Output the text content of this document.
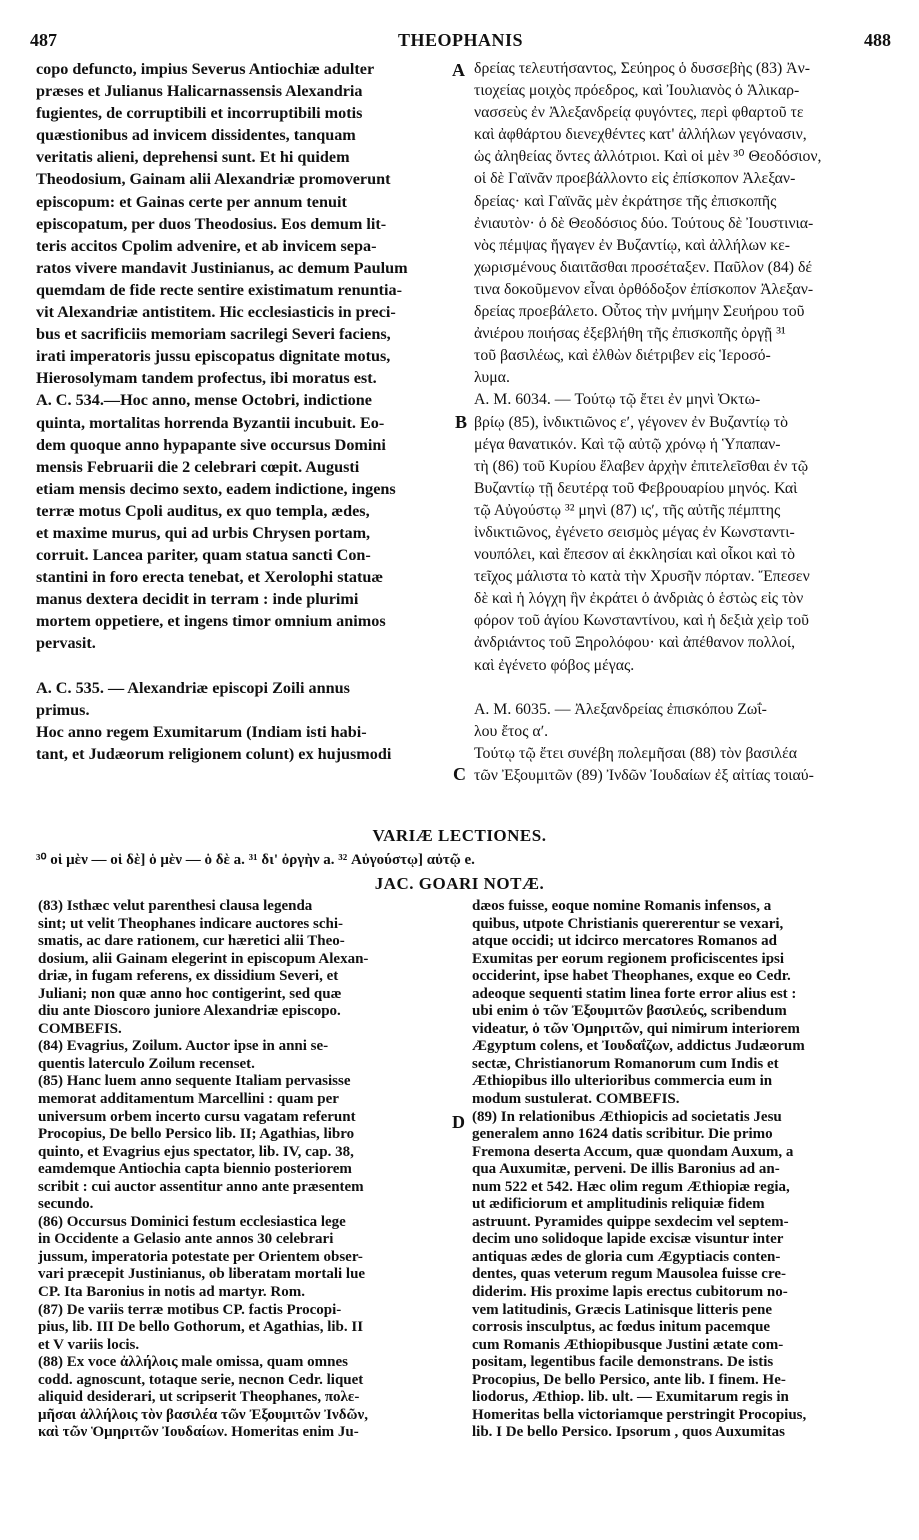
487	THEOPHANIS	488
copo defuncto, impius Severus Antiochiæ adulter
præses et Julianus Halicarnassensis Alexandria
fugientes, de corruptibili et incorruptibili motis
quæstionibus ad invicem dissidentes, tanquam
veritatis alieni, deprehensi sunt. Et hi quidem
Theodosium, Gainam alii Alexandriæ promoverunt
episcopum: et Gainas certe per annum tenuit
episcopatum, per duos Theodosius. Eos demum lit-
teris accitos Cpolim advenire, et ab invicem sepa-
ratos vivere mandavit Justinianus, ac demum Paulum
quemdam de fide recte sentire existimatum renuntia-
vit Alexandriæ antistitem. Hic ecclesiasticis in preci-
bus et sacrificiis memoriam sacrilegi Severi faciens,
irati imperatoris jussu episcopatus dignitate motus,
Hierosolymam tandem profectus, ibi moratus est.
A. C. 534.—Hoc anno, mense Octobri, indictione
quinta, mortalitas horrenda Byzantii incubuit. Eo-
dem quoque anno hypapante sive occursus Domini
mensis Februarii die 2 celebrari cœpit. Augusti
etiam mensis decimo sexto, eadem indictione, ingens
terræ motus Cpoli auditus, ex quo templa, ædes,
et maxime murus, qui ad urbis Chrysen portam,
corruit. Lancea pariter, quam statua sancti Con-
stantini in foro erecta tenebat, et Xerolophi statuæ
manus dextera decidit in terram : inde plurimi
mortem oppetiere, et ingens timor omnium animos
pervasit.

A. C. 535. — Alexandriæ episcopi Zoili annus
primus.
Hoc anno regem Exumitarum (Indiam isti habi-
tant, et Judæorum religionem colunt) ex hujusmodi
δρείας τελευτήσαντος, Σεύηρος ὁ δυσσεβὴς (83) Ἀν-
τιοχείας μοιχὸς πρόεδρος, καὶ Ἰουλιανὸς ὁ Ἁλικαρ-
νασσεὺς ἐν Ἀλεξανδρείᾳ φυγόντες, περὶ φθαρτοῦ τε
καὶ ἀφθάρτου διενεχθέντες κατ' ἀλλήλων γεγόνασιν,
ὡς ἀληθείας ὄντες ἀλλότριοι. Καὶ οἱ μὲν ³⁰ Θεοδόσιον,
οἱ δὲ Γαϊνᾶν προεβάλλοντο εἰς ἐπίσκοπον Ἀλεξαν-
δρείας· καὶ Γαϊνᾶς μὲν ἐκράτησε τῆς ἐπισκοπῆς
ἐνιαυτὸν· ὁ δὲ Θεοδόσιος δύο. Τούτους δὲ Ἰουστινια-
νὸς πέμψας ἤγαγεν ἐν Βυζαντίῳ, καὶ ἀλλήλων κε-
χωρισμένους διαιτᾶσθαι προσέταξεν. Παῦλον (84) δέ
τινα δοκοῦμενον εἶναι ὀρθόδοξον ἐπίσκοπον Ἀλεξαν-
δρείας προεβάλετο. Οὗτος τὴν μνήμην Σευήρου τοῦ
ἀνιέρου ποιήσας ἐξεβλήθη τῆς ἐπισκοπῆς ὀργῇ ³¹
τοῦ βασιλέως, καὶ ἐλθὼν διέτριβεν εἰς Ἱεροσό-
λυμα.
A. M. 6034. — Τούτῳ τῷ ἔτει ἐν μηνὶ Ὀκτω-
βρίῳ (85), ἰνδικτιῶνος εʹ, γέγονεν ἐν Βυζαντίῳ τὸ
μέγα θανατικόν. Καὶ τῷ αὐτῷ χρόνῳ ἡ Ὑπαπαν-
τὴ (86) τοῦ Κυρίου ἔλαβεν ἀρχὴν ἐπιτελεῖσθαι ἐν τῷ
Βυζαντίῳ τῇ δευτέρᾳ τοῦ Φεβρουαρίου μηνός. Καὶ
τῷ Αὐγούστῳ ³² μηνὶ (87) ιςʹ, τῆς αὐτῆς πέμπτης
ἰνδικτιῶνος, ἐγένετο σεισμὸς μέγας ἐν Κωνσταντι-
νουπόλει, καὶ ἔπεσον αἱ ἐκκλησίαι καὶ οἶκοι καὶ τὸ
τεῖχος μάλιστα τὸ κατὰ τὴν Χρυσῆν πόρταν. Ἔπεσεν
δὲ καὶ ἡ λόγχη ἣν ἐκράτει ὁ ἀνδριὰς ὁ ἑστὼς εἰς τὸν
φόρον τοῦ ἁγίου Κωνσταντίνου, καὶ ἡ δεξιὰ χεὶρ τοῦ
ἀνδριάντος τοῦ Ξηρολόφου· καὶ ἀπέθανον πολλοί,
καὶ ἐγένετο φόβος μέγας.

A. M. 6035. — Ἀλεξανδρείας ἐπισκόπου Ζωΐ-
λου ἔτος αʹ.
Τούτῳ τῷ ἔτει συνέβη πολεμῆσαι (88) τὸν βασιλέα
τῶν Ἐξουμιτῶν (89) Ἰνδῶν Ἰουδαίων ἐξ αἰτίας τοιαύ-
A
B
C
D
VARIÆ LECTIONES.
³⁰ οἱ μὲν — οἱ δὲ] ὁ μὲν — ὁ δὲ a. ³¹ δι' ὀργὴν a. ³² Αὐγούστῳ] αὐτῷ e.
JAC. GOARI NOTÆ.
(83) Isthæc velut parenthesi clausa legenda
sint; ut velit Theophanes indicare auctores schi-
smatis, ac dare rationem, cur hæretici alii Theo-
dosium, alii Gainam elegerint in episcopum Alexan-
driæ, in fugam referens, ex dissidium Severi, et
Juliani; non quæ anno hoc contigerint, sed quæ
diu ante Dioscoro juniore Alexandriæ episcopo.
COMBEFIS.
(84) Evagrius, Zoilum. Auctor ipse in anni se-
quentis laterculo Zoilum recenset.
(85) Hanc luem anno sequente Italiam pervasisse
memorat additamentum Marcellini : quam per
universum orbem incerto cursu vagatam referunt
Procopius, De bello Persico lib. II; Agathias, libro
quinto, et Evagrius ejus spectator, lib. IV, cap. 38,
eamdemque Antiochia capta biennio posteriorem
scribit : cui auctor assentitur anno ante præsentem
secundo.
(86) Occursus Dominici festum ecclesiastica lege
in Occidente a Gelasio ante annos 30 celebrari
jussum, imperatoria potestate per Orientem obser-
vari præcepit Justinianus, ob liberatam mortali lue
CP. Ita Baronius in notis ad martyr. Rom.
(87) De variis terræ motibus CP. factis Procopi-
pius, lib. III De bello Gothorum, et Agathias, lib. II
et V variis locis.
(88) Ex voce ἀλλήλοις male omissa, quam omnes
codd. agnoscunt, totaque serie, necnon Cedr. liquet
aliquid desiderari, ut scripserit Theophanes, πολε-
μῆσαι ἀλλήλοις τὸν βασιλέα τῶν Ἐξουμιτῶν Ἰνδῶν,
καὶ τῶν Ὁμηριτῶν Ἰουδαίων. Homeritas enim Ju-
dæos fuisse, eoque nomine Romanis infensos, a
quibus, utpote Christianis quererentur se vexari,
atque occidi; ut idcirco mercatores Romanos ad
Exumitas per eorum regionem proficiscentes ipsi
occiderint, ipse habet Theophanes, exque eo Cedr.
adeoque sequenti statim linea forte error alius est :
ubi enim ὁ τῶν Ἐξουμιτῶν βασιλεύς, scribendum
videatur, ὁ τῶν Ὁμηριτῶν, qui nimirum interiorem
Ægyptum colens, et Ἰουδαΐζων, addictus Judæorum
sectæ, Christianorum Romanorum cum Indis et
Æthiopibus illo ulterioribus commercia eum in
modum sustulerat. COMBEFIS.
(89) In relationibus Æthiopicis ad societatis Jesu
generalem anno 1624 datis scribitur. Die primo
Fremona deserta Accum, quæ quondam Auxum, a
qua Auxumitæ, perveni. De illis Baronius ad an-
num 522 et 542. Hæc olim regum Æthiopiæ regia,
ut ædificiorum et amplitudinis reliquiæ fidem
astruunt. Pyramides quippe sexdecim vel septem-
decim uno solidoque lapide excisæ visuntur inter
antiquas ædes de gloria cum Ægyptiacis conten-
dentes, quas veterum regum Mausolea fuisse cre-
diderim. His proxime lapis erectus cubitorum no-
vem latitudinis, Græcis Latinisque litteris pene
corrosis insculptus, ac fœdus initum pacemque
cum Romanis Æthiopibusque Justini ætate com-
positam, legentibus facile demonstrans. De istis
Procopius, De bello Persico, ante lib. I finem. He-
liodorus, Æthiop. lib. ult. — Exumitarum regis in
Homeritas bella victoriamque perstringit Procopius,
lib. I De bello Persico. Ipsorum , quos Auxumitas
